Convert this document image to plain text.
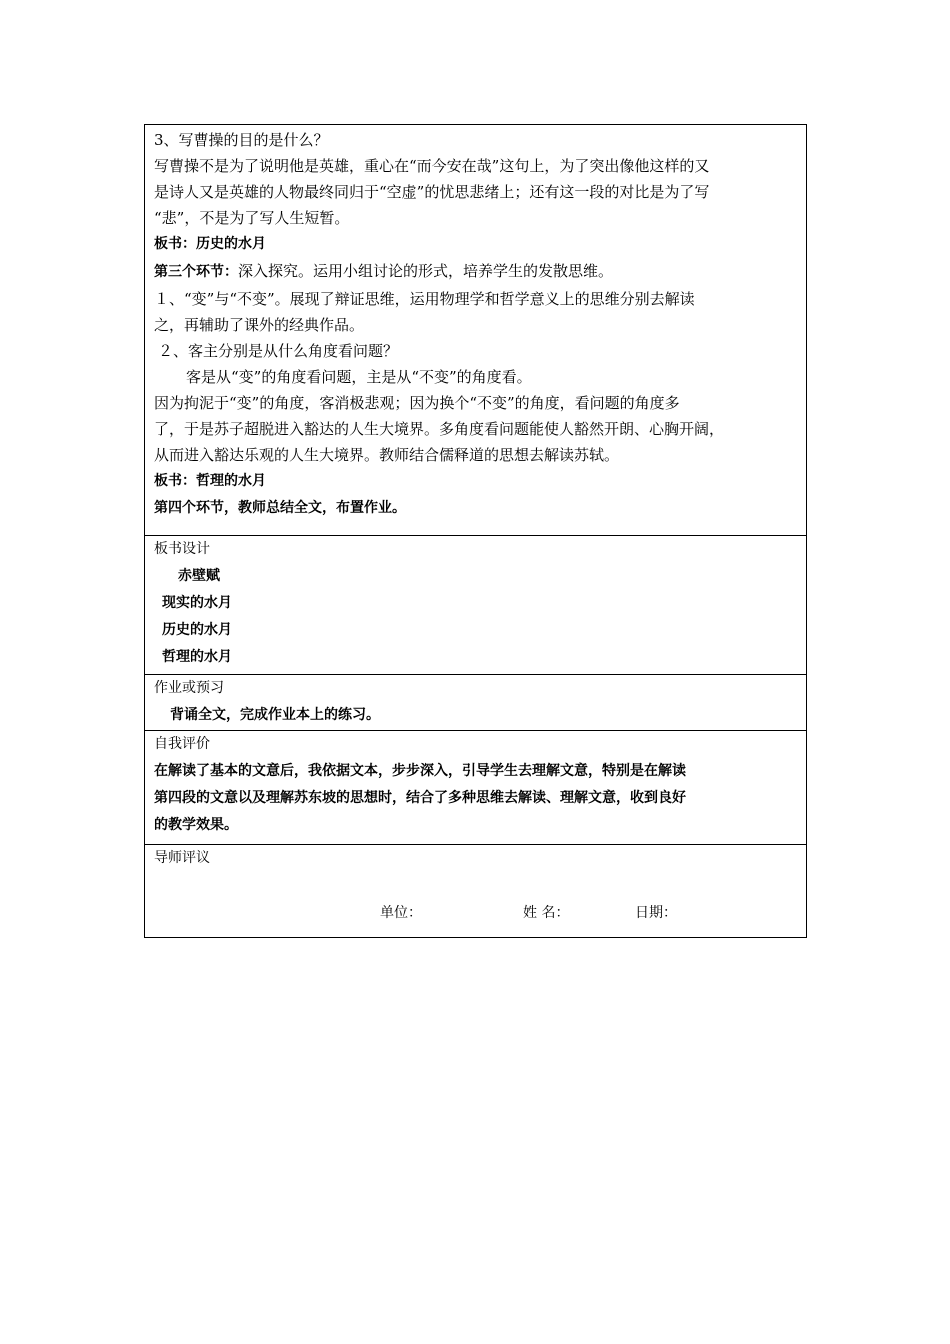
3、写曹操的目的是什么？
写曹操不是为了说明他是英雄，重心在“而今安在哉”这句上，为了突出像他这样的又
是诗人又是英雄的人物最终同归于“空虚”的忧思悲绪上；还有这一段的对比是为了写
“悲”，不是为了写人生短暂。
板书：历史的水月
第三个环节：深入探究。运用小组讨论的形式，培养学生的发散思维。
１、“变”与“不变”。展现了辩证思维，运用物理学和哲学意义上的思维分别去解读
之，再辅助了课外的经典作品。
２、客主分别是从什么角度看问题？
客是从“变”的角度看问题，主是从“不变”的角度看。
因为拘泥于“变”的角度，客消极悲观；因为换个“不变”的角度，看问题的角度多
了，于是苏子超脱进入豁达的人生大境界。多角度看问题能使人豁然开朗、心胸开阔，
从而进入豁达乐观的人生大境界。教师结合儒释道的思想去解读苏轼。
板书：哲理的水月
第四个环节，教师总结全文，布置作业。
板书设计
赤壁赋
现实的水月
历史的水月
哲理的水月
作业或预习
背诵全文，完成作业本上的练习。
自我评价
在解读了基本的文意后，我依据文本，步步深入，引导学生去理解文意，特别是在解读
第四段的文意以及理解苏东坡的思想时，结合了多种思维去解读、理解文意，收到良好
的教学效果。
导师评议
单位：	姓 名：	日期：
